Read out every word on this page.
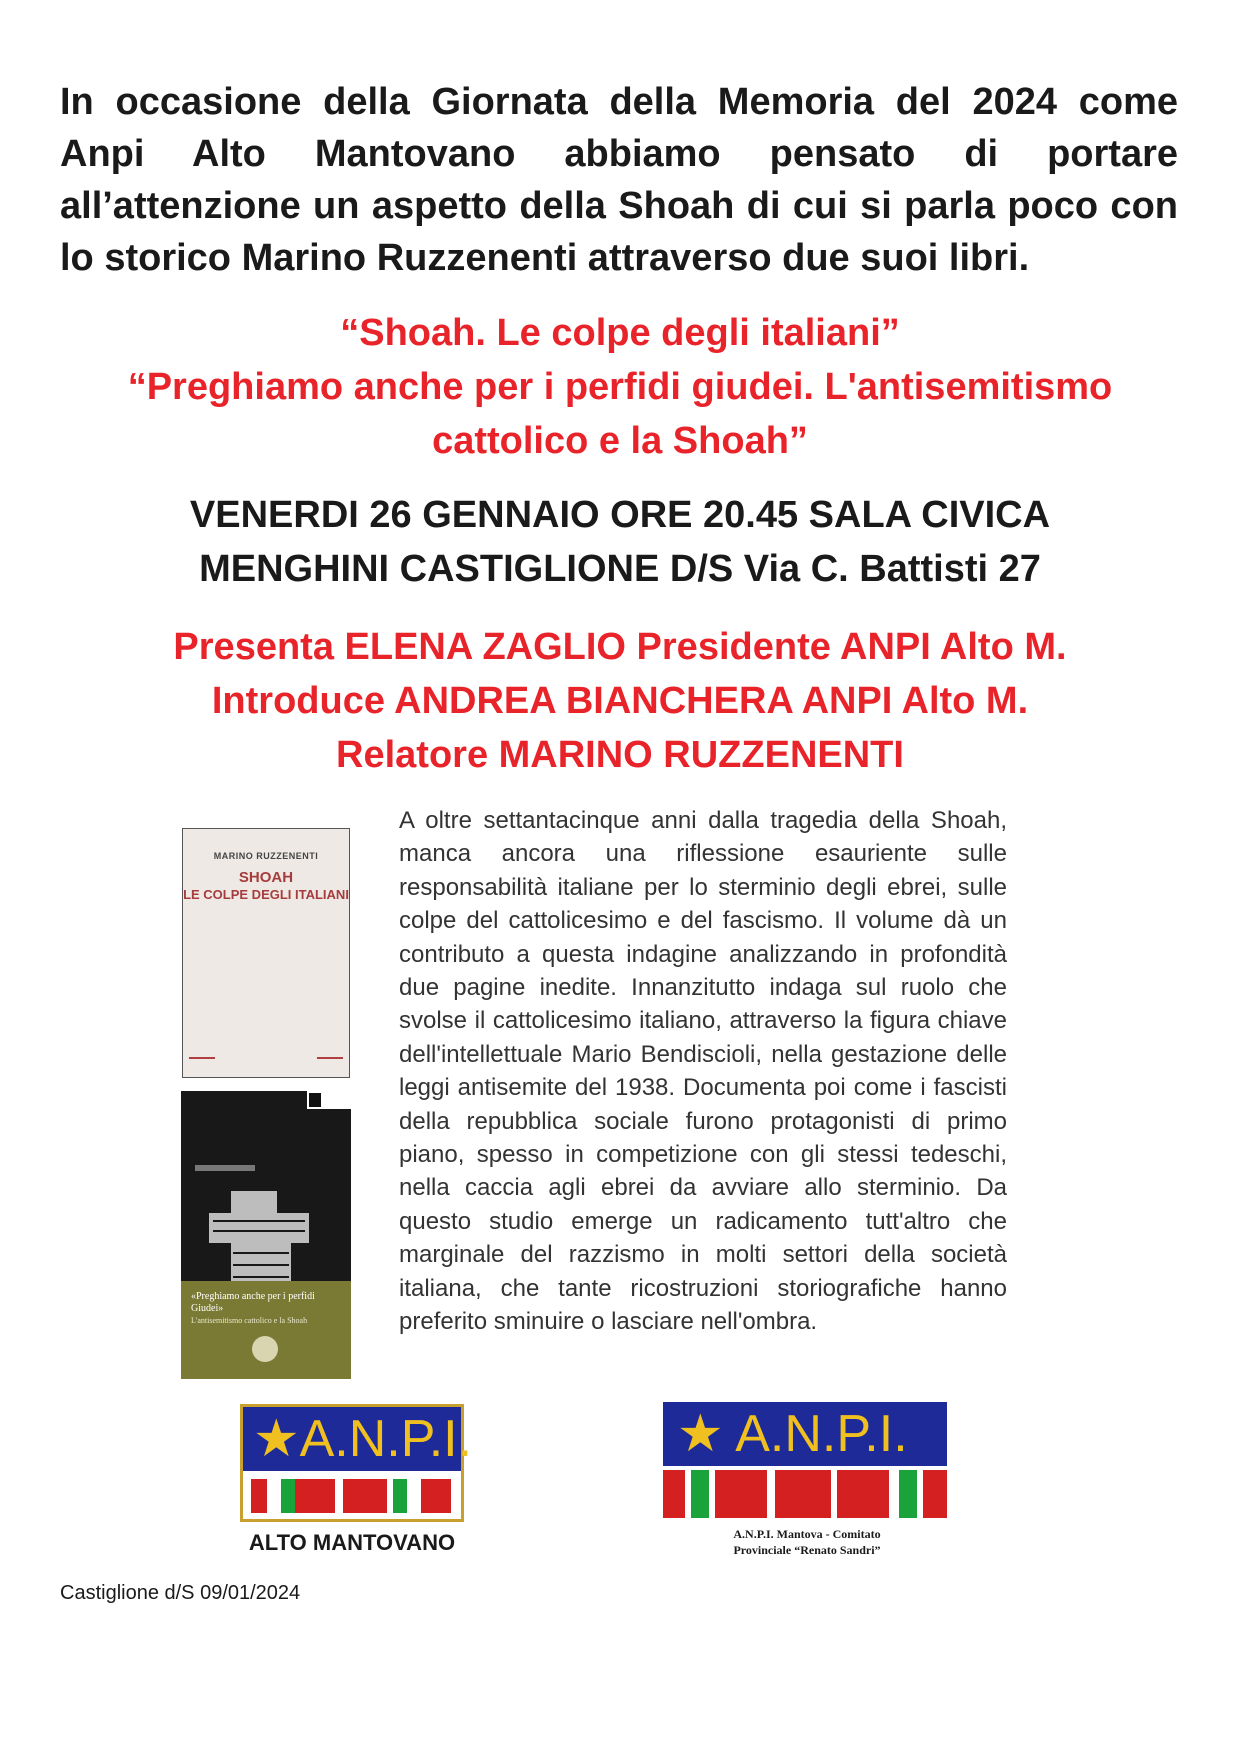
In occasione della Giornata della Memoria del 2024 come Anpi Alto Mantovano abbiamo pensato di portare all’attenzione un aspetto della Shoah di cui si parla poco con lo storico Marino Ruzzenenti attraverso due suoi libri.
“Shoah. Le colpe degli italiani”
“Preghiamo anche per i perfidi giudei. L'antisemitismo
cattolico e la Shoah”
VENERDI 26 GENNAIO ORE 20.45 SALA CIVICA
MENGHINI CASTIGLIONE D/S Via C. Battisti 27
Presenta ELENA ZAGLIO Presidente ANPI Alto M.
Introduce ANDREA BIANCHERA ANPI Alto M.
Relatore MARINO RUZZENENTI
MARINO RUZZENENTI
SHOAH
LE COLPE DEGLI ITALIANI
«Preghiamo anche per i perfidi Giudei»
L'antisemitismo cattolico e la Shoah
A oltre settantacinque anni dalla tragedia della Shoah, manca ancora una riflessione esauriente sulle responsabilità italiane per lo sterminio degli ebrei, sulle colpe del cattolicesimo e del fascismo. Il volume dà un contributo a questa indagine analizzando in profondità due pagine inedite. Innanzitutto indaga sul ruolo che svolse il cattolicesimo italiano, attraverso la figura chiave dell'intellettuale Mario Bendiscioli, nella gestazione delle leggi antisemite del 1938. Documenta poi come i fascisti della repubblica sociale furono protagonisti di primo piano, spesso in competizione con gli stessi tedeschi, nella caccia agli ebrei da avviare allo sterminio. Da questo studio emerge un radicamento tutt'altro che marginale del razzismo in molti settori della società italiana, che tante ricostruzioni storiografiche hanno preferito sminuire o lasciare nell'ombra.
★A.N.P.I.
ALTO MANTOVANO
★ A.N.P.I.
A.N.P.I. Mantova - Comitato
Provinciale “Renato Sandri”
Castiglione d/S 09/01/2024
